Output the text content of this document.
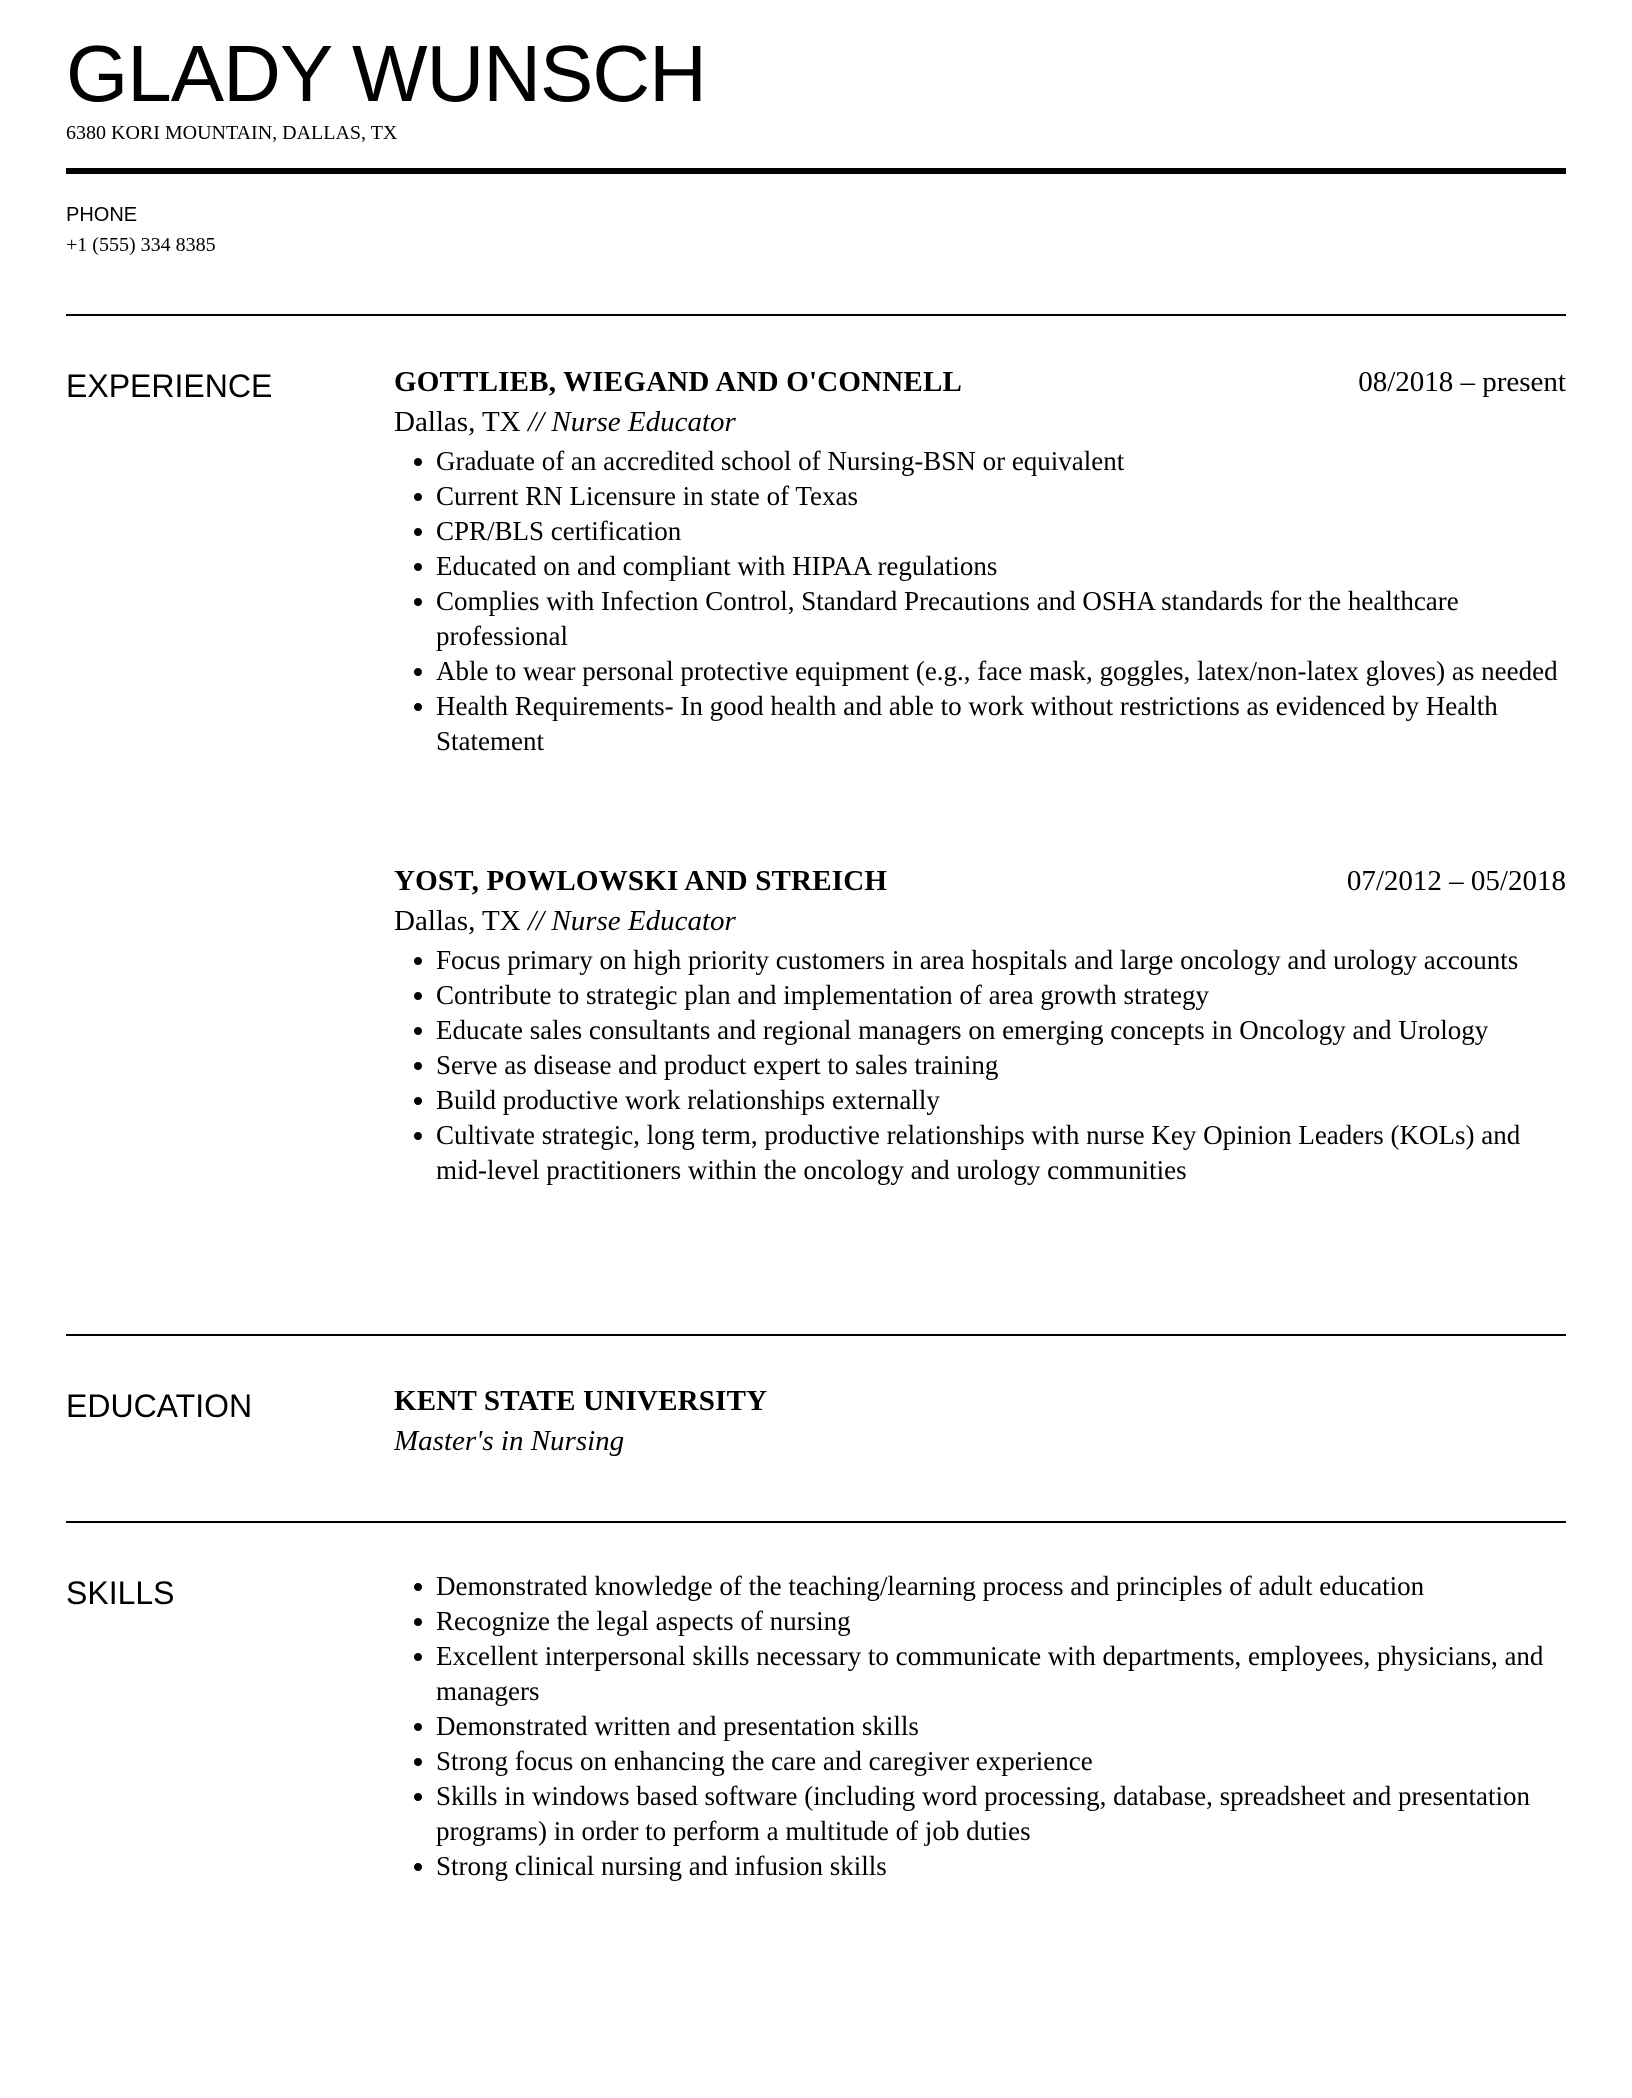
GLADY WUNSCH
6380 KORI MOUNTAIN, DALLAS, TX
PHONE
+1 (555) 334 8385
EXPERIENCE	GOTTLIEB, WIEGAND AND O'CONNELL	08/2018 – present
Dallas, TX // Nurse Educator
Graduate of an accredited school of Nursing-BSN or equivalent
Current RN Licensure in state of Texas
CPR/BLS certification
Educated on and compliant with HIPAA regulations
Complies with Infection Control, Standard Precautions and OSHA standards for the healthcare professional
Able to wear personal protective equipment (e.g., face mask, goggles, latex/non-latex gloves) as needed
Health Requirements- In good health and able to work without restrictions as evidenced by Health Statement
YOST, POWLOWSKI AND STREICH	07/2012 – 05/2018
Dallas, TX // Nurse Educator
Focus primary on high priority customers in area hospitals and large oncology and urology accounts
Contribute to strategic plan and implementation of area growth strategy
Educate sales consultants and regional managers on emerging concepts in Oncology and Urology
Serve as disease and product expert to sales training
Build productive work relationships externally
Cultivate strategic, long term, productive relationships with nurse Key Opinion Leaders (KOLs) and mid-level practitioners within the oncology and urology communities
EDUCATION	KENT STATE UNIVERSITY
Master's in Nursing
SKILLS	Demonstrated knowledge of the teaching/learning process and principles of adult education
Recognize the legal aspects of nursing
Excellent interpersonal skills necessary to communicate with departments, employees, physicians, and managers
Demonstrated written and presentation skills
Strong focus on enhancing the care and caregiver experience
Skills in windows based software (including word processing, database, spreadsheet and presentation programs) in order to perform a multitude of job duties
Strong clinical nursing and infusion skills
